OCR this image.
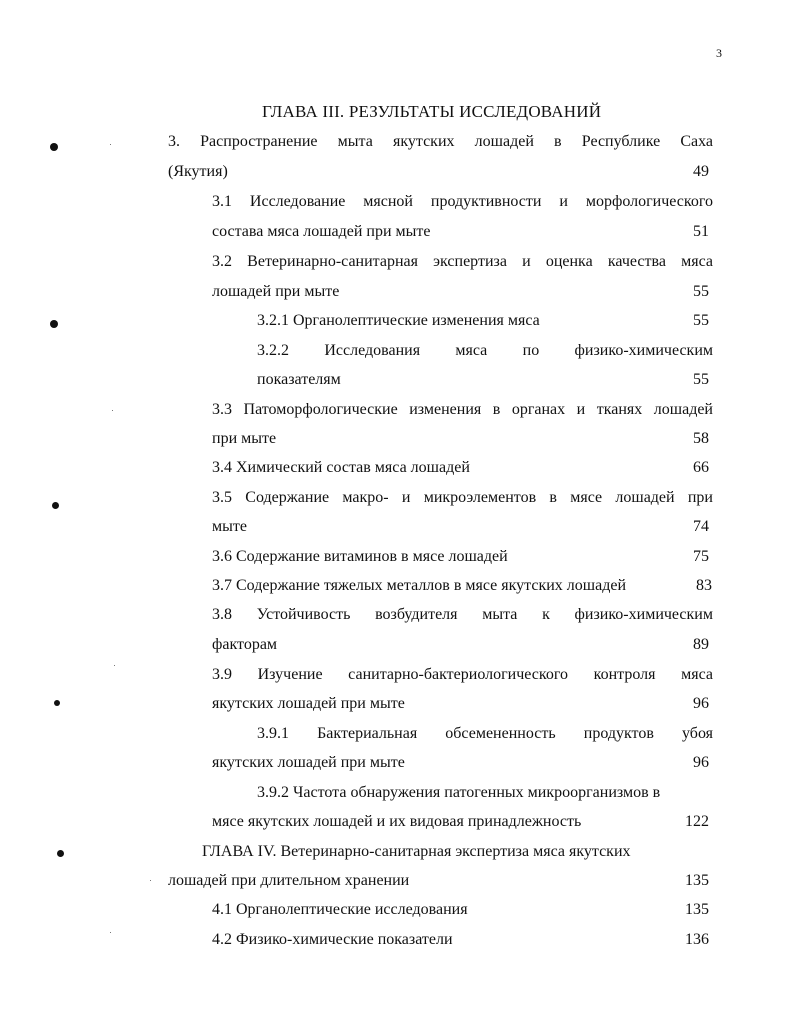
3
ГЛАВА III. РЕЗУЛЬТАТЫ ИССЛЕДОВАНИЙ
3. Распространение мыта якутских лошадей в Республике Саха
(Якутия)	49
3.1 Исследование мясной продуктивности и морфологического
состава мяса лошадей при мыте	51
3.2 Ветеринарно-санитарная экспертиза и оценка качества мяса
лошадей при мыте	55
3.2.1 Органолептические изменения мяса	55
3.2.2 Исследования мяса по физико-химическим
показателям	55
3.3 Патоморфологические изменения в органах и тканях лошадей
при мыте	58
3.4 Химический состав мяса лошадей	66
3.5 Содержание макро- и микроэлементов в мясе лошадей при
мыте	74
3.6 Содержание витаминов в мясе лошадей	75
3.7 Содержание тяжелых металлов в мясе якутских лошадей	83
3.8 Устойчивость возбудителя мыта к физико-химическим
факторам	89
3.9 Изучение санитарно-бактериологического контроля мяса
якутских лошадей при мыте	96
3.9.1 Бактериальная обсемененность продуктов убоя
якутских лошадей при мыте	96
3.9.2 Частота обнаружения патогенных микроорганизмов в
мясе якутских лошадей и их видовая принадлежность	122
ГЛАВА IV. Ветеринарно-санитарная экспертиза мяса якутских
лошадей при длительном хранении	135
4.1 Органолептические исследования	135
4.2 Физико-химические показатели	136
